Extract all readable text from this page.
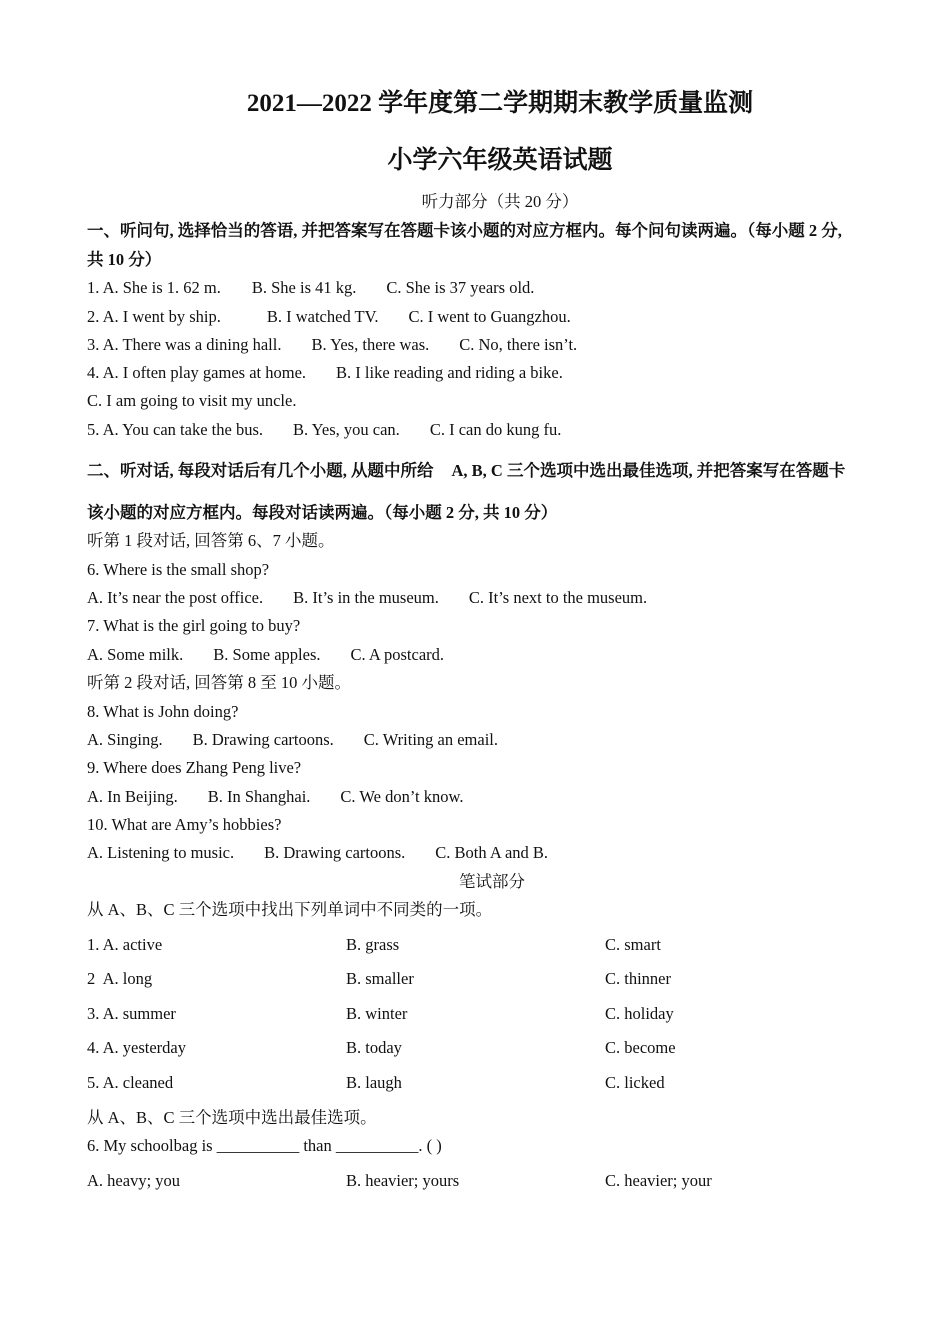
2021—2022 学年度第二学期期末教学质量监测
小学六年级英语试题
听力部分（共 20 分）
一、听问句, 选择恰当的答语, 并把答案写在答题卡该小题的对应方框内。每个问句读两遍。（每小题 2 分,
共 10 分）
1. A. She is 1. 62 m. B. She is 41 kg. C. She is 37 years old.
2. A. I went by ship.	B. I watched TV. C. I went to Guangzhou.
3. A. There was a dining hall. B. Yes, there was. C. No, there isn’t.
4. A. I often play games at home. B. I like reading and riding a bike.
C. I am going to visit my uncle.
5. A. You can take the bus. B. Yes, you can. C. I can do kung fu.
二、听对话, 每段对话后有几个小题, 从题中所给 A, B, C 三个选项中选出最佳选项, 并把答案写在答题卡
该小题的对应方框内。每段对话读两遍。（每小题 2 分, 共 10 分）
听第 1 段对话, 回答第 6、7 小题。
6. Where is the small shop?
A. It’s near the post office. B. It’s in the museum. C. It’s next to the museum.
7. What is the girl going to buy?
A. Some milk. B. Some apples. C. A postcard.
听第 2 段对话, 回答第 8 至 10 小题。
8. What is John doing?
A. Singing. B. Drawing cartoons. C. Writing an email.
9. Where does Zhang Peng live?
A. In Beijing. B. In Shanghai. C. We don’t know.
10. What are Amy’s hobbies?
A. Listening to music. B. Drawing cartoons. C. Both A and B.
笔试部分
从 A、B、C 三个选项中找出下列单词中不同类的一项。
1. A. active	B. grass	C. smart
2  A. long	B. smaller	C. thinner
3. A. summer	B. winter	C. holiday
4. A. yesterday	B. today	C. become
5. A. cleaned	B. laugh	C. licked
从 A、B、C 三个选项中选出最佳选项。
6. My schoolbag is __________ than __________. ( )
A. heavy; you	B. heavier; yours	C. heavier; your
